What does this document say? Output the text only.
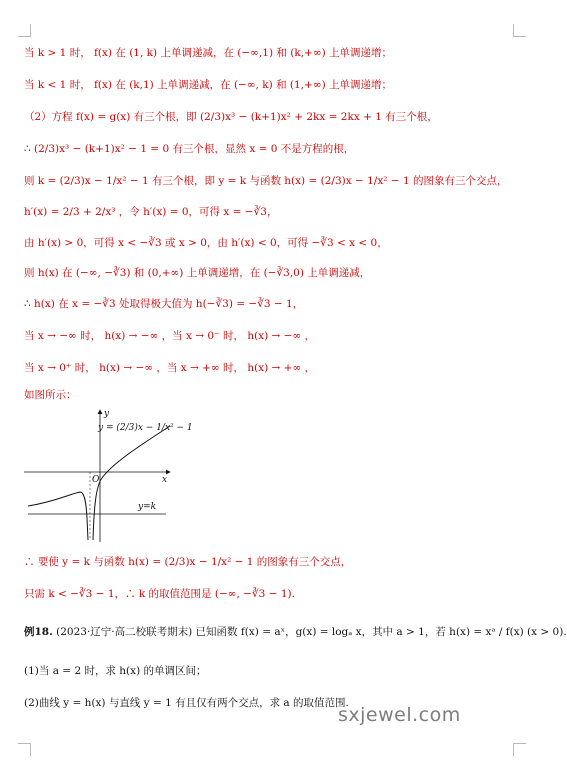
当 k > 1 时， f(x) 在 (1, k) 上单调递减，在 (−∞,1) 和 (k,+∞) 上单调递增；
当 k < 1 时， f(x) 在 (k,1) 上单调递减，在 (−∞, k) 和 (1,+∞) 上单调递增；
（2）方程 f(x) = g(x) 有三个根，即 (2/3)x³ − (k+1)x² + 2kx = 2kx + 1 有三个根，
∴ (2/3)x³ − (k+1)x² − 1 = 0 有三个根，显然 x = 0 不是方程的根，
则 k = (2/3)x − 1/x² − 1 有三个根，即 y = k 与函数 h(x) = (2/3)x − 1/x² − 1 的图象有三个交点，
h′(x) = 2/3 + 2/x³ ，令 h′(x) = 0，可得 x = −∛3，
由 h′(x) > 0，可得 x < −∛3 或 x > 0，由 h′(x) < 0，可得 −∛3 < x < 0，
则 h(x) 在 (−∞, −∛3) 和 (0,+∞) 上单调递增，在 (−∛3,0) 上单调递减，
∴ h(x) 在 x = −∛3 处取得极大值为 h(−∛3) = −∛3 − 1，
当 x → −∞ 时， h(x) → −∞ ，当 x → 0⁻ 时， h(x) → −∞ ，
当 x → 0⁺ 时， h(x) → −∞ ，当 x → +∞ 时， h(x) → +∞ ，
如图所示：
y
x
O
y = (2/3)x − 1/x² − 1
y=k
∴ 要使 y = k 与函数 h(x) = (2/3)x − 1/x² − 1 的图象有三个交点，
只需 k < −∛3 − 1，∴ k 的取值范围是 (−∞, −∛3 − 1).
例18. (2023·辽宁·高二校联考期末) 已知函数 f(x) = aˣ，g(x) = logₐ x，其中 a > 1，若 h(x) = xᵃ / f(x) (x > 0).
(1)当 a = 2 时，求 h(x) 的单调区间；
(2)曲线 y = h(x) 与直线 y = 1 有且仅有两个交点，求 a 的取值范围.
sxjewel.com
